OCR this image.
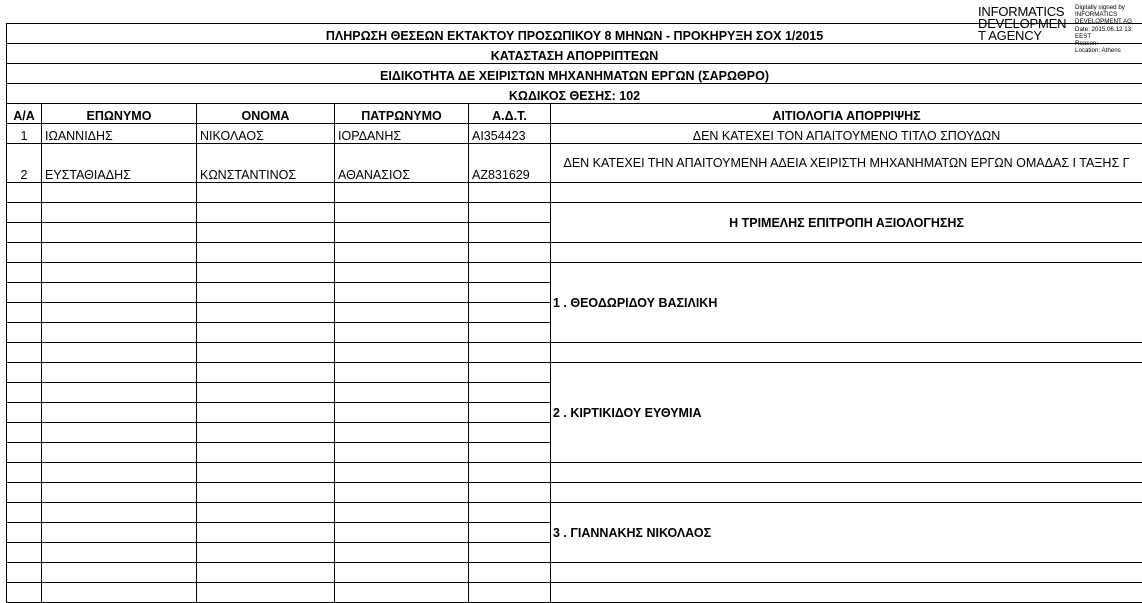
INFORMATICS
DEVELOPMEN
T AGENCY
Digitally signed by
INFORMATICS
DEVELOPMENT AG
Date: 2015.06.12 13:
EEST
Reason:
Location: Athens
ΠΛΗΡΩΣΗ ΘΕΣΕΩΝ ΕΚΤΑΚΤΟΥ ΠΡΟΣΩΠΙΚΟΥ 8 ΜΗΝΩΝ - ΠΡΟΚΗΡΥΞΗ ΣΟΧ 1/2015					
ΚΑΤΑΣΤΑΣΗ ΑΠΟΡΡΙΠΤΕΩΝ					
ΕΙΔΙΚΟΤΗΤΑ ΔΕ ΧΕΙΡΙΣΤΩΝ ΜΗΧΑΝΗΜΑΤΩΝ ΕΡΓΩΝ (ΣΑΡΩΘΡΟ)					
ΚΩΔΙΚΟΣ ΘΕΣΗΣ: 102					
Α/Α	ΕΠΩΝΥΜΟ	ΟΝΟΜΑ	ΠΑΤΡΩΝΥΜΟ	Α.Δ.Τ.	ΑΙΤΙΟΛΟΓΙΑ ΑΠΟΡΡΙΨΗΣ
1	ΙΩΑΝΝΙΔΗΣ	ΝΙΚΟΛΑΟΣ	ΙΟΡΔΑΝΗΣ	ΑΙ354423	ΔΕΝ ΚΑΤΕΧΕΙ ΤΟΝ ΑΠΑΙΤΟΥΜΕΝΟ ΤΙΤΛΟ ΣΠΟΥΔΩΝ
2	ΕΥΣΤΑΘΙΑΔΗΣ	ΚΩΝΣΤΑΝΤΙΝΟΣ	ΑΘΑΝΑΣΙΟΣ	ΑΖ831629	ΔΕΝ ΚΑΤΕΧΕΙ ΤΗΝ ΑΠΑΙΤΟΥΜΕΝΗ ΑΔΕΙΑ ΧΕΙΡΙΣΤΗ ΜΗΧΑΝΗΜΑΤΩΝ ΕΡΓΩΝ ΟΜΑΔΑΣ Ι ΤΑΞΗΣ Γ

					Η ΤΡΙΜΕΛΗΣ ΕΠΙΤΡΟΠΗ ΑΞΙΟΛΟΓΗΣΗΣ

					1 . ΘΕΟΔΩΡΙΔΟΥ ΒΑΣΙΛΙΚΗ

					2 . ΚΙΡΤΙΚΙΔΟΥ ΕΥΘΥΜΙΑ

					3 . ΓΙΑΝΝΑΚΗΣ ΝΙΚΟΛΑΟΣ
